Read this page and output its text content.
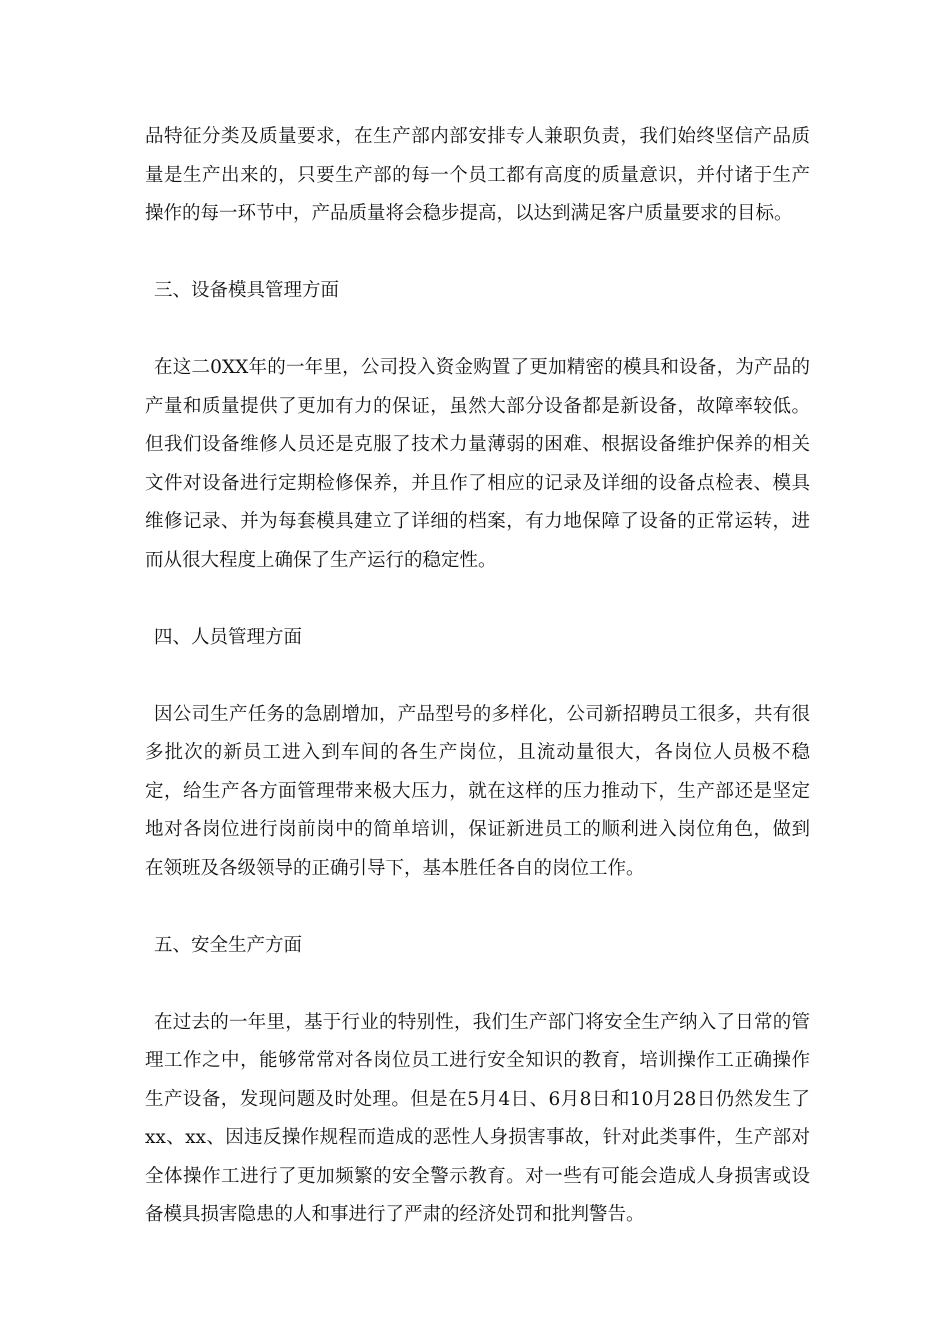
品特征分类及质量要求，在生产部内部安排专人兼职负责，我们始终坚信产品质量是生产出来的，只要生产部的每一个员工都有高度的质量意识，并付诸于生产操作的每一环节中，产品质量将会稳步提高，以达到满足客户质量要求的目标。

三、设备模具管理方面

在这二0XX年的一年里，公司投入资金购置了更加精密的模具和设备，为产品的产量和质量提供了更加有力的保证，虽然大部分设备都是新设备，故障率较低。但我们设备维修人员还是克服了技术力量薄弱的困难、根据设备维护保养的相关文件对设备进行定期检修保养，并且作了相应的记录及详细的设备点检表、模具维修记录、并为每套模具建立了详细的档案，有力地保障了设备的正常运转，进而从很大程度上确保了生产运行的稳定性。

四、人员管理方面

因公司生产任务的急剧增加，产品型号的多样化，公司新招聘员工很多，共有很多批次的新员工进入到车间的各生产岗位，且流动量很大，各岗位人员极不稳定，给生产各方面管理带来极大压力，就在这样的压力推动下，生产部还是坚定地对各岗位进行岗前岗中的简单培训，保证新进员工的顺利进入岗位角色，做到在领班及各级领导的正确引导下，基本胜任各自的岗位工作。

五、安全生产方面

在过去的一年里，基于行业的特别性，我们生产部门将安全生产纳入了日常的管理工作之中，能够常常对各岗位员工进行安全知识的教育，培训操作工正确操作生产设备，发现问题及时处理。但是在5月4日、6月8日和10月28日仍然发生了xx、xx、因违反操作规程而造成的恶性人身损害事故，针对此类事件，生产部对全体操作工进行了更加频繁的安全警示教育。对一些有可能会造成人身损害或设备模具损害隐患的人和事进行了严肃的经济处罚和批判警告。
